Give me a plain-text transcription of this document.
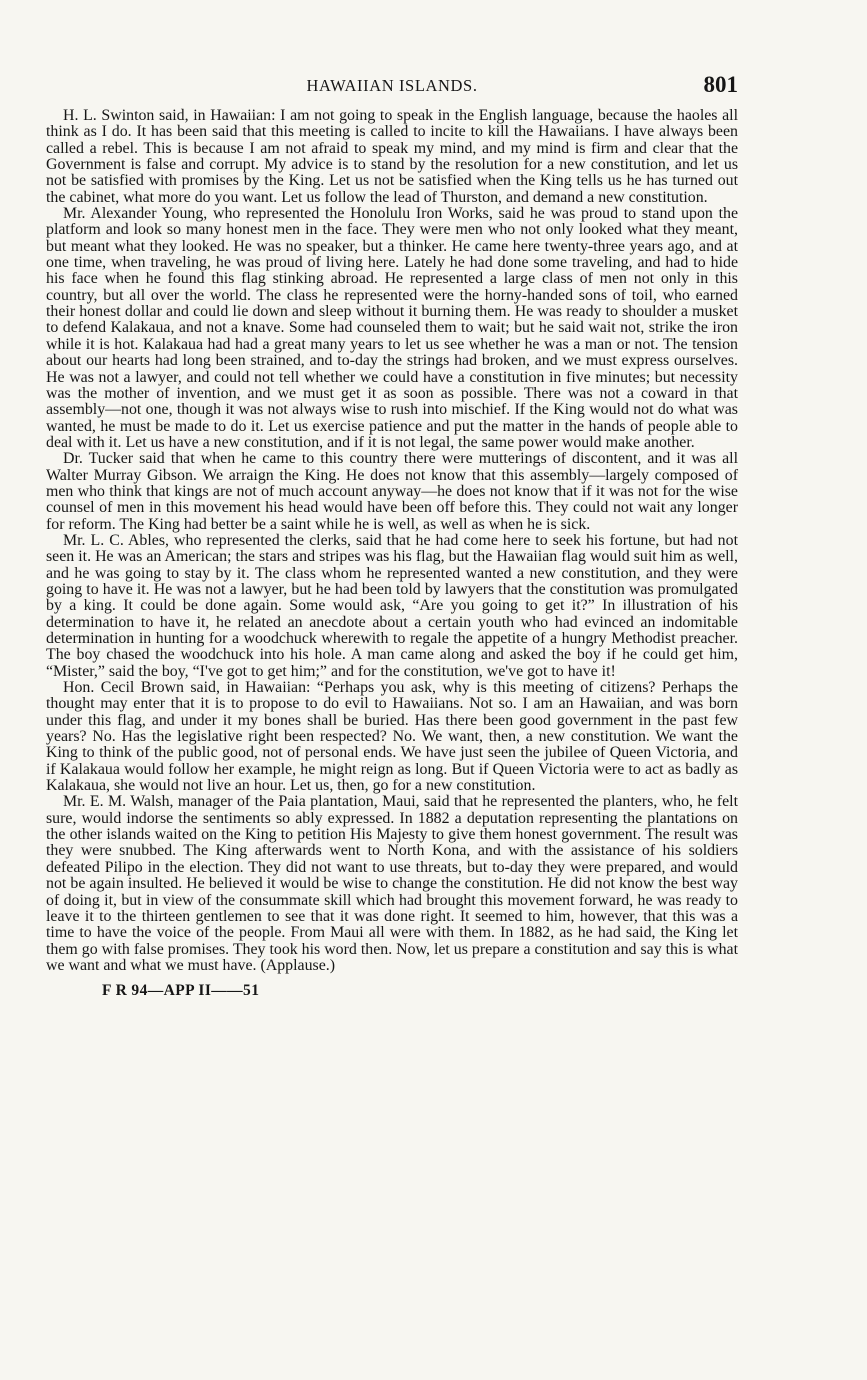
HAWAIIAN ISLANDS.	801

H. L. Swinton said, in Hawaiian: I am not going to speak in the English language, because the haoles all think as I do. It has been said that this meeting is called to incite to kill the Hawaiians. I have always been called a rebel. This is because I am not afraid to speak my mind, and my mind is firm and clear that the Government is false and corrupt. My advice is to stand by the resolution for a new constitution, and let us not be satisfied with promises by the King. Let us not be satisfied when the King tells us he has turned out the cabinet, what more do you want. Let us follow the lead of Thurston, and demand a new constitution.

Mr. Alexander Young, who represented the Honolulu Iron Works, said he was proud to stand upon the platform and look so many honest men in the face. They were men who not only looked what they meant, but meant what they looked. He was no speaker, but a thinker. He came here twenty-three years ago, and at one time, when traveling, he was proud of living here. Lately he had done some traveling, and had to hide his face when he found this flag stinking abroad. He represented a large class of men not only in this country, but all over the world. The class he represented were the horny-handed sons of toil, who earned their honest dollar and could lie down and sleep without it burning them. He was ready to shoulder a musket to defend Kalakaua, and not a knave. Some had counseled them to wait; but he said wait not, strike the iron while it is hot. Kalakaua had had a great many years to let us see whether he was a man or not. The tension about our hearts had long been strained, and to-day the strings had broken, and we must express ourselves. He was not a lawyer, and could not tell whether we could have a constitution in five minutes; but necessity was the mother of invention, and we must get it as soon as possible. There was not a coward in that assembly—not one, though it was not always wise to rush into mischief. If the King would not do what was wanted, he must be made to do it. Let us exercise patience and put the matter in the hands of people able to deal with it. Let us have a new constitution, and if it is not legal, the same power would make another.

Dr. Tucker said that when he came to this country there were mutterings of discontent, and it was all Walter Murray Gibson. We arraign the King. He does not know that this assembly—largely composed of men who think that kings are not of much account anyway—he does not know that if it was not for the wise counsel of men in this movement his head would have been off before this. They could not wait any longer for reform. The King had better be a saint while he is well, as well as when he is sick.

Mr. L. C. Ables, who represented the clerks, said that he had come here to seek his fortune, but had not seen it. He was an American; the stars and stripes was his flag, but the Hawaiian flag would suit him as well, and he was going to stay by it. The class whom he represented wanted a new constitution, and they were going to have it. He was not a lawyer, but he had been told by lawyers that the constitution was promulgated by a king. It could be done again. Some would ask, “Are you going to get it?” In illustration of his determination to have it, he related an anecdote about a certain youth who had evinced an indomitable determination in hunting for a woodchuck wherewith to regale the appetite of a hungry Methodist preacher. The boy chased the woodchuck into his hole. A man came along and asked the boy if he could get him, “Mister,” said the boy, “I've got to get him;” and for the constitution, we've got to have it!

Hon. Cecil Brown said, in Hawaiian: “Perhaps you ask, why is this meeting of citizens? Perhaps the thought may enter that it is to propose to do evil to Hawaiians. Not so. I am an Hawaiian, and was born under this flag, and under it my bones shall be buried. Has there been good government in the past few years? No. Has the legislative right been respected? No. We want, then, a new constitution. We want the King to think of the public good, not of personal ends. We have just seen the jubilee of Queen Victoria, and if Kalakaua would follow her example, he might reign as long. But if Queen Victoria were to act as badly as Kalakaua, she would not live an hour. Let us, then, go for a new constitution.

Mr. E. M. Walsh, manager of the Paia plantation, Maui, said that he represented the planters, who, he felt sure, would indorse the sentiments so ably expressed. In 1882 a deputation representing the plantations on the other islands waited on the King to petition His Majesty to give them honest government. The result was they were snubbed. The King afterwards went to North Kona, and with the assistance of his soldiers defeated Pilipo in the election. They did not want to use threats, but to-day they were prepared, and would not be again insulted. He believed it would be wise to change the constitution. He did not know the best way of doing it, but in view of the consummate skill which had brought this movement forward, he was ready to leave it to the thirteen gentlemen to see that it was done right. It seemed to him, however, that this was a time to have the voice of the people. From Maui all were with them. In 1882, as he had said, the King let them go with false promises. They took his word then. Now, let us prepare a constitution and say this is what we want and what we must have. (Applause.)

F R 94—APP II——51
